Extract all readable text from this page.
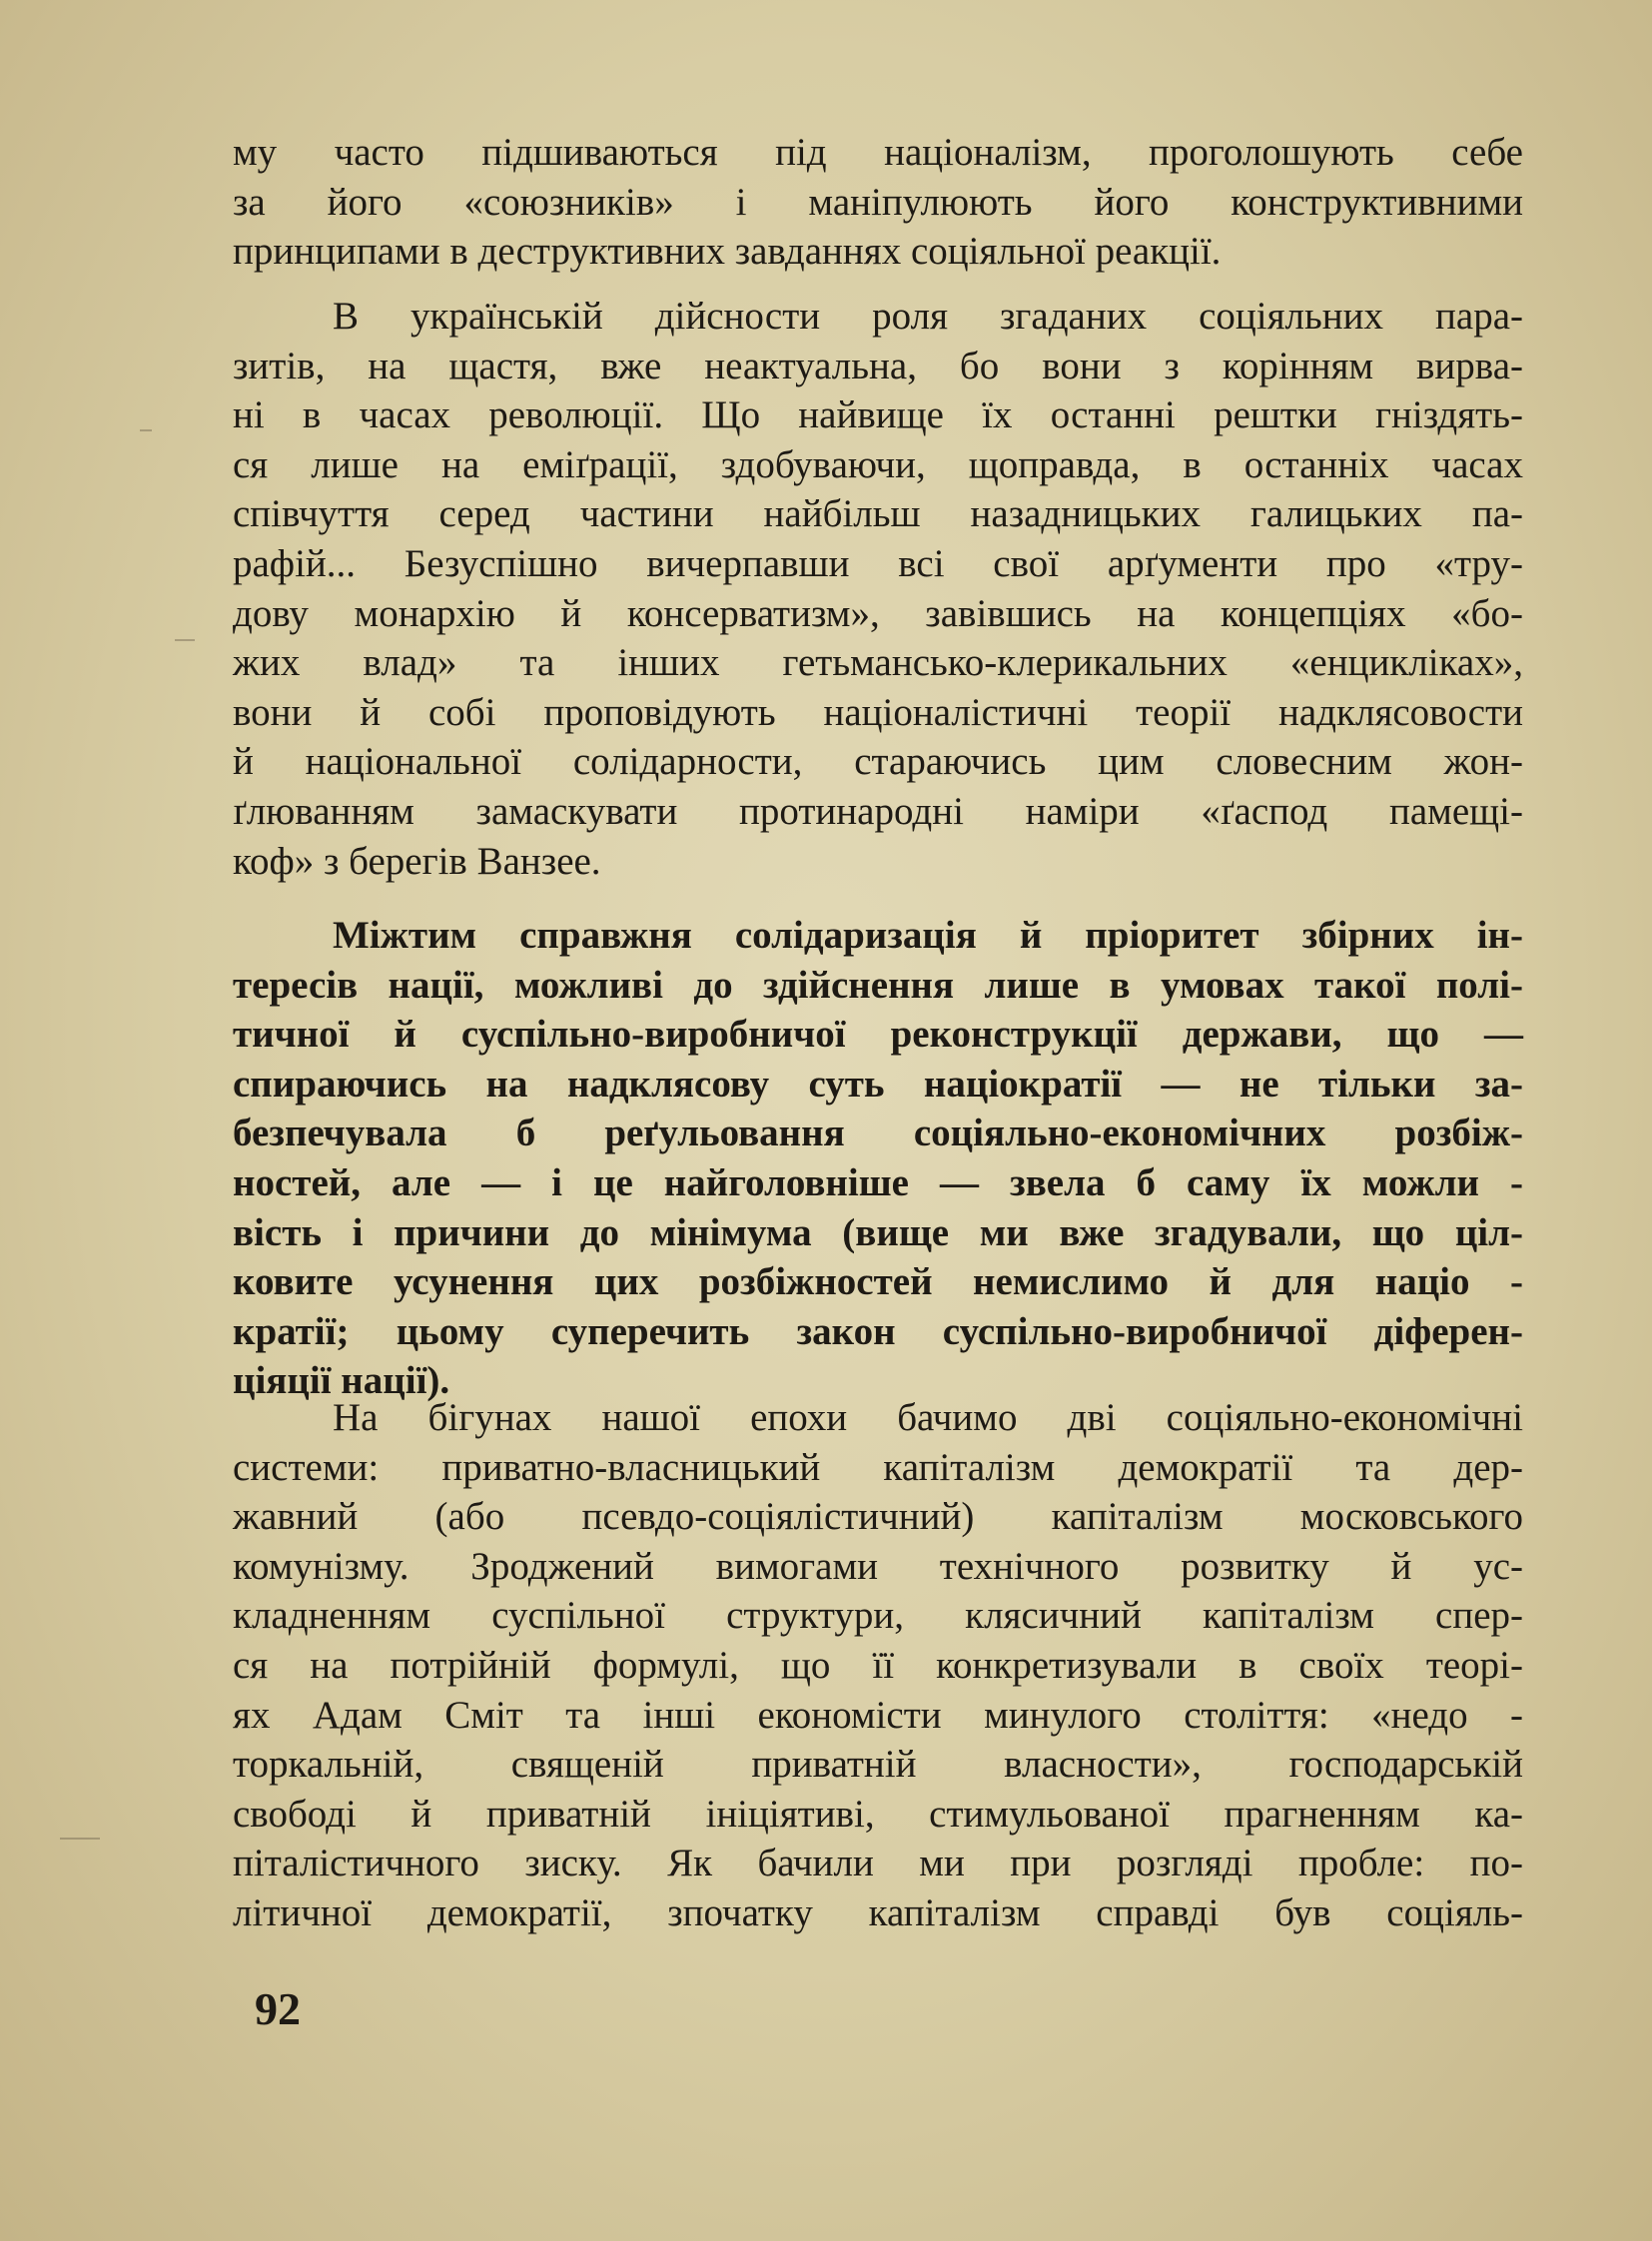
му часто підшиваються під націоналізм, проголошують себе
за його «союзників» і маніпулюють його конструктивними
принципами в деструктивних завданнях соціяльної реакції.
В українській дійсности роля згаданих соціяльних пара-
зитів, на щастя, вже неактуальна, бо вони з корінням вирва-
ні в часах революції. Що найвище їх останні рештки гніздять-
ся лише на еміґрації, здобуваючи, щоправда, в останніх часах
співчуття серед частини найбільш назадницьких галицьких па-
рафій... Безуспішно вичерпавши всі свої арґументи про «тру-
дову монархію й консерватизм», завівшись на концепціях «бо-
жих влад» та інших гетьмансько-клерикальних «енцикліках»,
вони й собі проповідують націоналістичні теорії надклясовости
й національної солідарности, стараючись цим словесним жон-
ґлюванням замаскувати протинародні наміри «ґаспод памещі-
коф» з берегів Ванзее.
Міжтим справжня солідаризація й пріоритет збірних ін-
тересів нації, можливі до здійснення лише в умовах такої полі-
тичної й суспільно-виробничої реконструкції держави, що —
спираючись на надклясову суть націократії — не тільки за-
безпечувала б реґульовання соціяльно-економічних розбіж-
ностей, але — і це найголовніше — звела б саму їх можли -
вість і причини до мінімума (вище ми вже згадували, що ціл-
ковите усунення цих розбіжностей немислимо й для націо -
кратії; цьому суперечить закон суспільно-виробничої діферен-
ціяції нації).
На бігунах нашої епохи бачимо дві соціяльно-економічні
системи: приватно-власницький капіталізм демократії та дер-
жавний (або псевдо-соціялістичний) капіталізм московського
комунізму. Зроджений вимогами технічного розвитку й ус-
кладненням суспільної структури, клясичний капіталізм спер-
ся на потрійній формулі, що її конкретизували в своїх теорі-
ях Адам Сміт та інші економісти минулого століття: «недо -
торкальній, священій приватній власности», господарській
свободі й приватній ініціятиві, стимульованої прагненням ка-
піталістичного зиску. Як бачили ми при розгляді пробле: по-
літичної демократії, зпочатку капіталізм справді був соціяль-
92
